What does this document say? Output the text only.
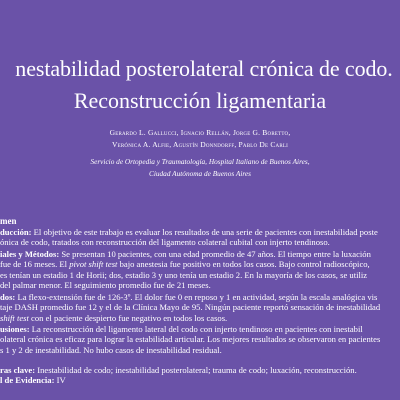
nestabilidad posterolateral crónica de codo.
Reconstrucción ligamentaria
Gerardo L. Gallucci, Ignacio Rellán, Jorge G. Boretto,
Verónica A. Alfie, Agustín Donndorff, Pablo De Carli
Servicio de Ortopedia y Traumatología, Hospital Italiano de Buenos Aires,
Ciudad Autónoma de Buenos Aires
men
ducción: El objetivo de este trabajo es evaluar los resultados de una serie de pacientes con inestabilidad poste
ónica de codo, tratados con reconstrucción del ligamento colateral cubital con injerto tendinoso.
iales y Métodos: Se presentan 10 pacientes, con una edad promedio de 47 años. El tiempo entre la luxación
fue de 16 meses. El pivot shift test bajo anestesia fue positivo en todos los casos. Bajo control radioscópico,
es tenían un estadio 1 de Horii; dos, estadio 3 y uno tenía un estadio 2. En la mayoría de los casos, se utiliz
del palmar menor. El seguimiento promedio fue de 21 meses.
dos: La flexo-extensión fue de 126-3º. El dolor fue 0 en reposo y 1 en actividad, según la escala analógica vis
taje DASH promedio fue 12 y el de la Clínica Mayo de 95. Ningún paciente reportó sensación de inestabilidad
shift test con el paciente despierto fue negativo en todos los casos.
usiones: La reconstrucción del ligamento lateral del codo con injerto tendinoso en pacientes con inestabil
olateral crónica es eficaz para lograr la estabilidad articular. Los mejores resultados se observaron en pacientes
s 1 y 2 de inestabilidad. No hubo casos de inestabilidad residual.
ras clave: Inestabilidad de codo; inestabilidad posterolateral; trauma de codo; luxación, reconstrucción.
l de Evidencia: IV
